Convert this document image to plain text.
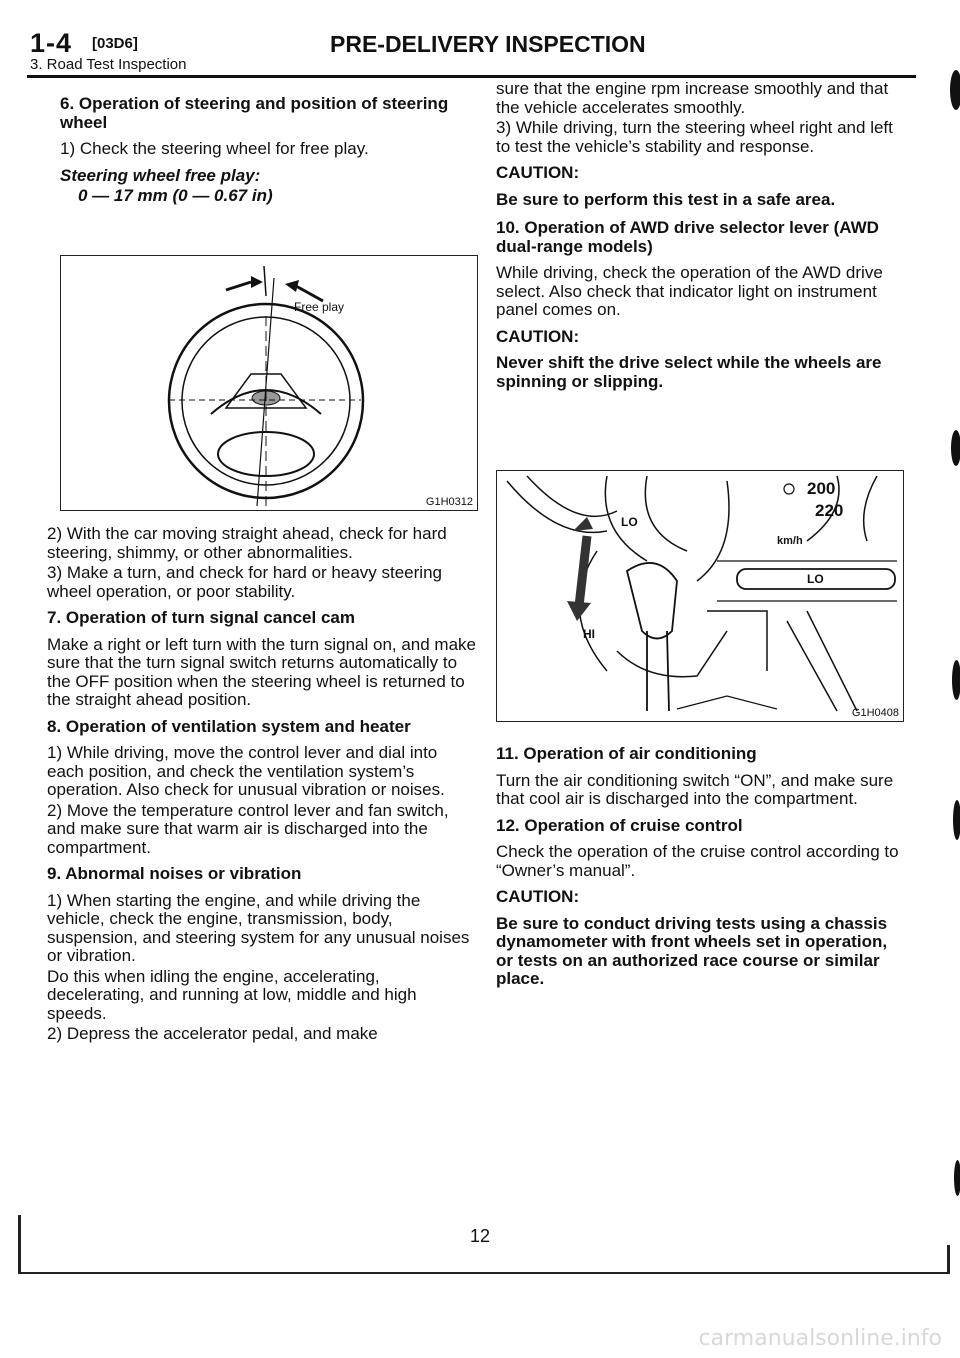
1-4 [03D6]	PRE-DELIVERY INSPECTION
3. Road Test Inspection
6. Operation of steering and position of steering wheel

1) Check the steering wheel for free play.

Steering wheel free play:

0 — 17 mm (0 — 0.67 in)

Free play
G1H0312

2) With the car moving straight ahead, check for hard steering, shimmy, or other abnormalities.

3) Make a turn, and check for hard or heavy steering wheel operation, or poor stability.

7. Operation of turn signal cancel cam

Make a right or left turn with the turn signal on, and make sure that the turn signal switch returns automatically to the OFF position when the steering wheel is returned to the straight ahead position.

8. Operation of ventilation system and heater

1) While driving, move the control lever and dial into each position, and check the ventilation system’s operation. Also check for unusual vibration or noises.

2) Move the temperature control lever and fan switch, and make sure that warm air is discharged into the compartment.

9. Abnormal noises or vibration

1) When starting the engine, and while driving the vehicle, check the engine, transmission, body, suspension, and steering system for any unusual noises or vibration.

Do this when idling the engine, accelerating, decelerating, and running at low, middle and high speeds.

2) Depress the accelerator pedal, and make

sure that the engine rpm increase smoothly and that the vehicle accelerates smoothly.

3) While driving, turn the steering wheel right and left to test the vehicle’s stability and response.

CAUTION:

Be sure to perform this test in a safe area.

10. Operation of AWD drive selector lever (AWD dual-range models)

While driving, check the operation of the AWD drive select. Also check that indicator light on instrument panel comes on.

CAUTION:

Never shift the drive select while the wheels are spinning or slipping.

LO
HI
200
220
km/h
LO
G1H0408
11. Operation of air conditioning

Turn the air conditioning switch “ON”, and make sure that cool air is discharged into the compartment.

12. Operation of cruise control

Check the operation of the cruise control according to “Owner’s manual”.

CAUTION:

Be sure to conduct driving tests using a chassis dynamometer with front wheels set in operation, or tests on an authorized race course or similar place.

12
carmanualsonline.info
